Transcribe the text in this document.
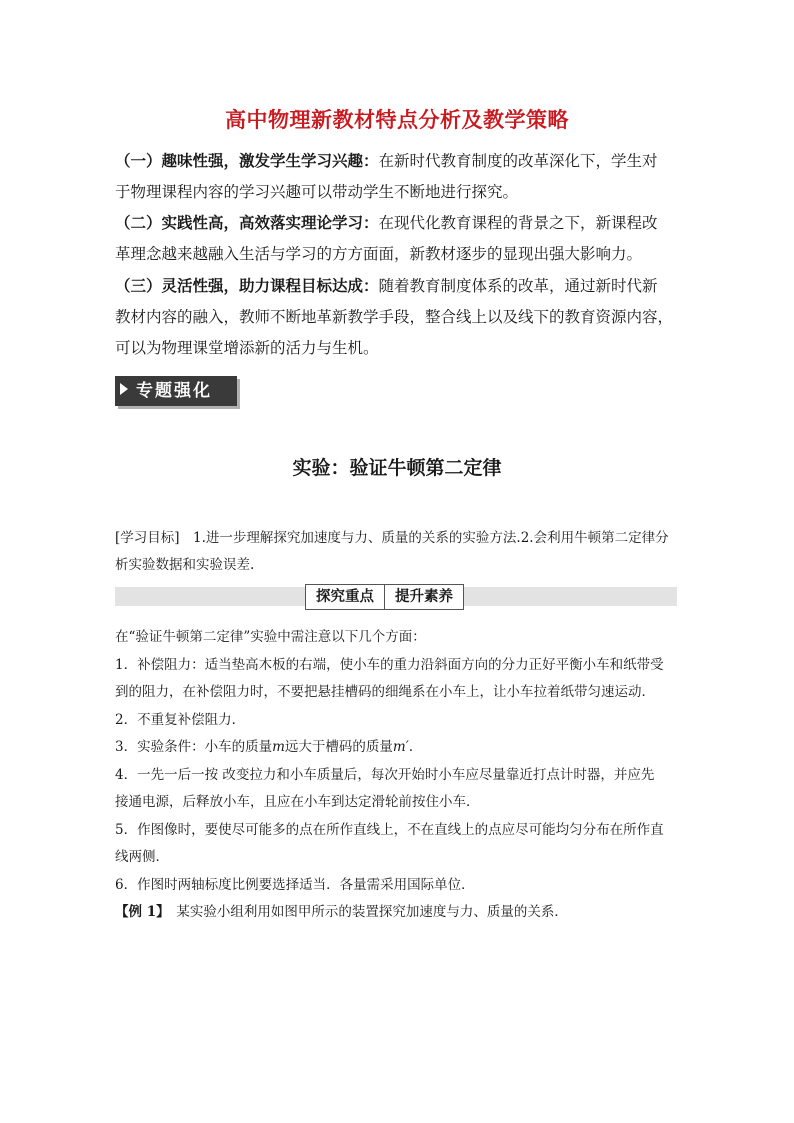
高中物理新教材特点分析及教学策略
（一）趣味性强，激发学生学习兴趣：在新时代教育制度的改革深化下，学生对
于物理课程内容的学习兴趣可以带动学生不断地进行探究。
（二）实践性高，高效落实理论学习：在现代化教育课程的背景之下，新课程改
革理念越来越融入生活与学习的方方面面，新教材逐步的显现出强大影响力。
（三）灵活性强，助力课程目标达成：随着教育制度体系的改革，通过新时代新
教材内容的融入，教师不断地革新教学手段，整合线上以及线下的教育资源内容，
可以为物理课堂增添新的活力与生机。
专题强化
实验：验证牛顿第二定律
[学习目标]　1.进一步理解探究加速度与力、质量的关系的实验方法.2.会利用牛顿第二定律分
析实验数据和实验误差.
探究重点	提升素养
在“验证牛顿第二定律”实验中需注意以下几个方面：
1．补偿阻力：适当垫高木板的右端，使小车的重力沿斜面方向的分力正好平衡小车和纸带受
到的阻力，在补偿阻力时，不要把悬挂槽码的细绳系在小车上，让小车拉着纸带匀速运动．
2．不重复补偿阻力．
3．实验条件：小车的质量m远大于槽码的质量m′.
4．一先一后一按 改变拉力和小车质量后，每次开始时小车应尽量靠近打点计时器，并应先
接通电源，后释放小车，且应在小车到达定滑轮前按住小车．
5．作图像时，要使尽可能多的点在所作直线上，不在直线上的点应尽可能均匀分布在所作直
线两侧．
6．作图时两轴标度比例要选择适当．各量需采用国际单位．
【例 1】　某实验小组利用如图甲所示的装置探究加速度与力、质量的关系．
